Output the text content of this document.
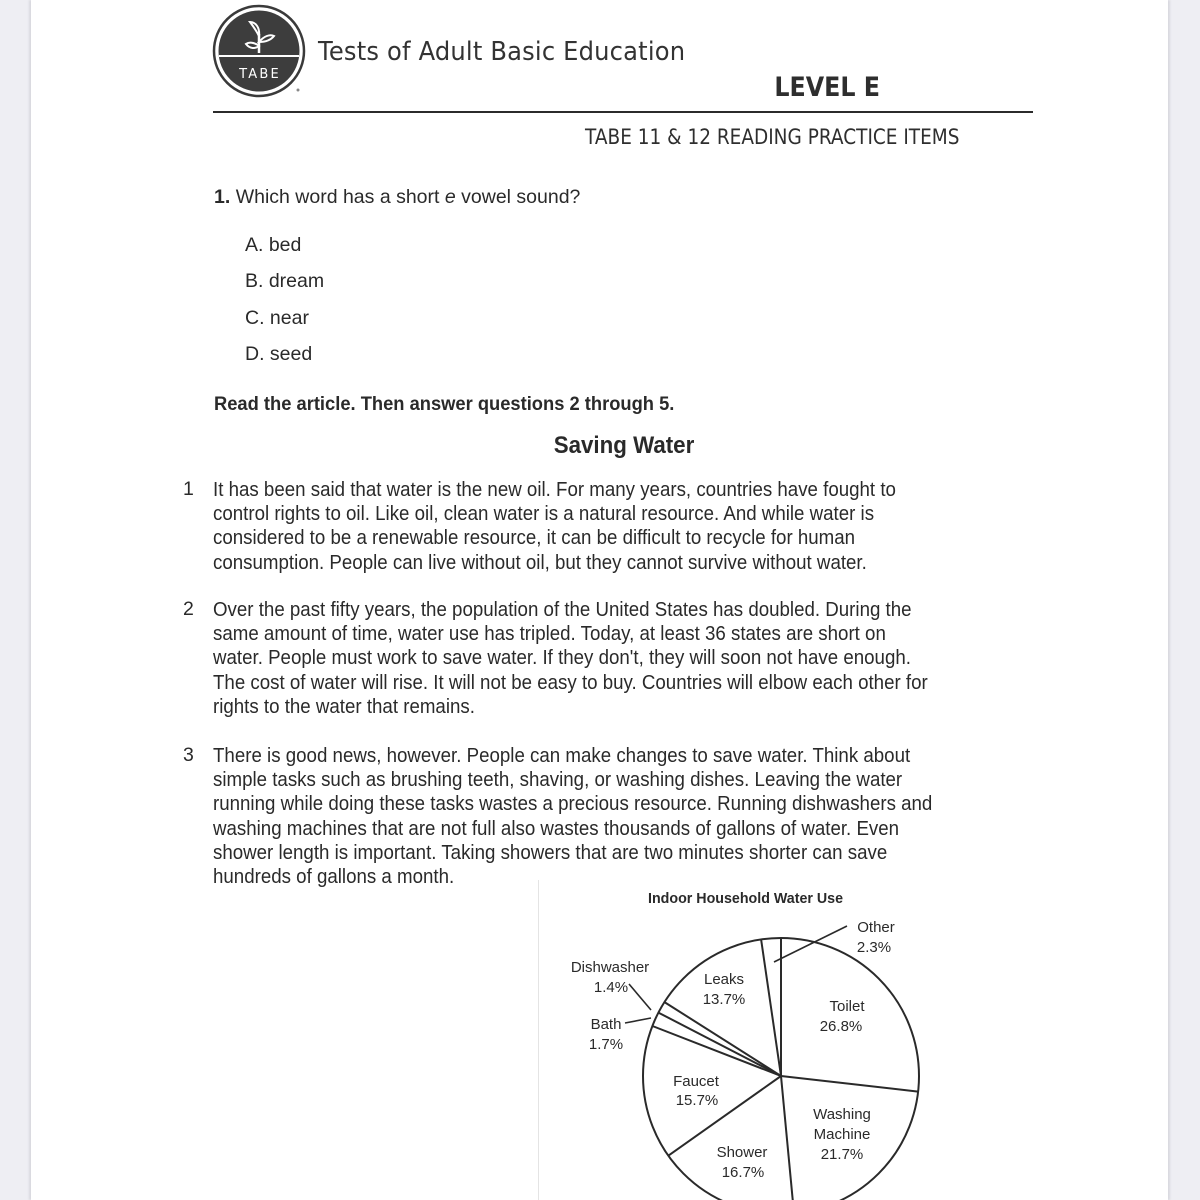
TABE
Tests of Adult Basic Education
LEVEL E
TABE 11 & 12 READING PRACTICE ITEMS
1. Which word has a short e vowel sound?
A. bed
B. dream
C. near
D. seed
Read the article. Then answer questions 2 through 5.
Saving Water
1 It has been said that water is the new oil. For many years, countries have fought to
control rights to oil. Like oil, clean water is a natural resource. And while water is
considered to be a renewable resource, it can be difficult to recycle for human
consumption. People can live without oil, but they cannot survive without water.
2 Over the past fifty years, the population of the United States has doubled. During the
same amount of time, water use has tripled. Today, at least 36 states are short on
water. People must work to save water. If they don't, they will soon not have enough.
The cost of water will rise. It will not be easy to buy. Countries will elbow each other for
rights to the water that remains.
3 There is good news, however. People can make changes to save water. Think about
simple tasks such as brushing teeth, shaving, or washing dishes. Leaving the water
running while doing these tasks wastes a precious resource. Running dishwashers and
washing machines that are not full also wastes thousands of gallons of water. Even
shower length is important. Taking showers that are two minutes shorter can save
hundreds of gallons a month.
Indoor Household Water Use
Toilet
26.8%
Washing
Machine
21.7%
Shower
16.7%
Faucet
15.7%
Bath
1.7%
Dishwasher
1.4%	Leaks
13.7%
Other
2.3%
